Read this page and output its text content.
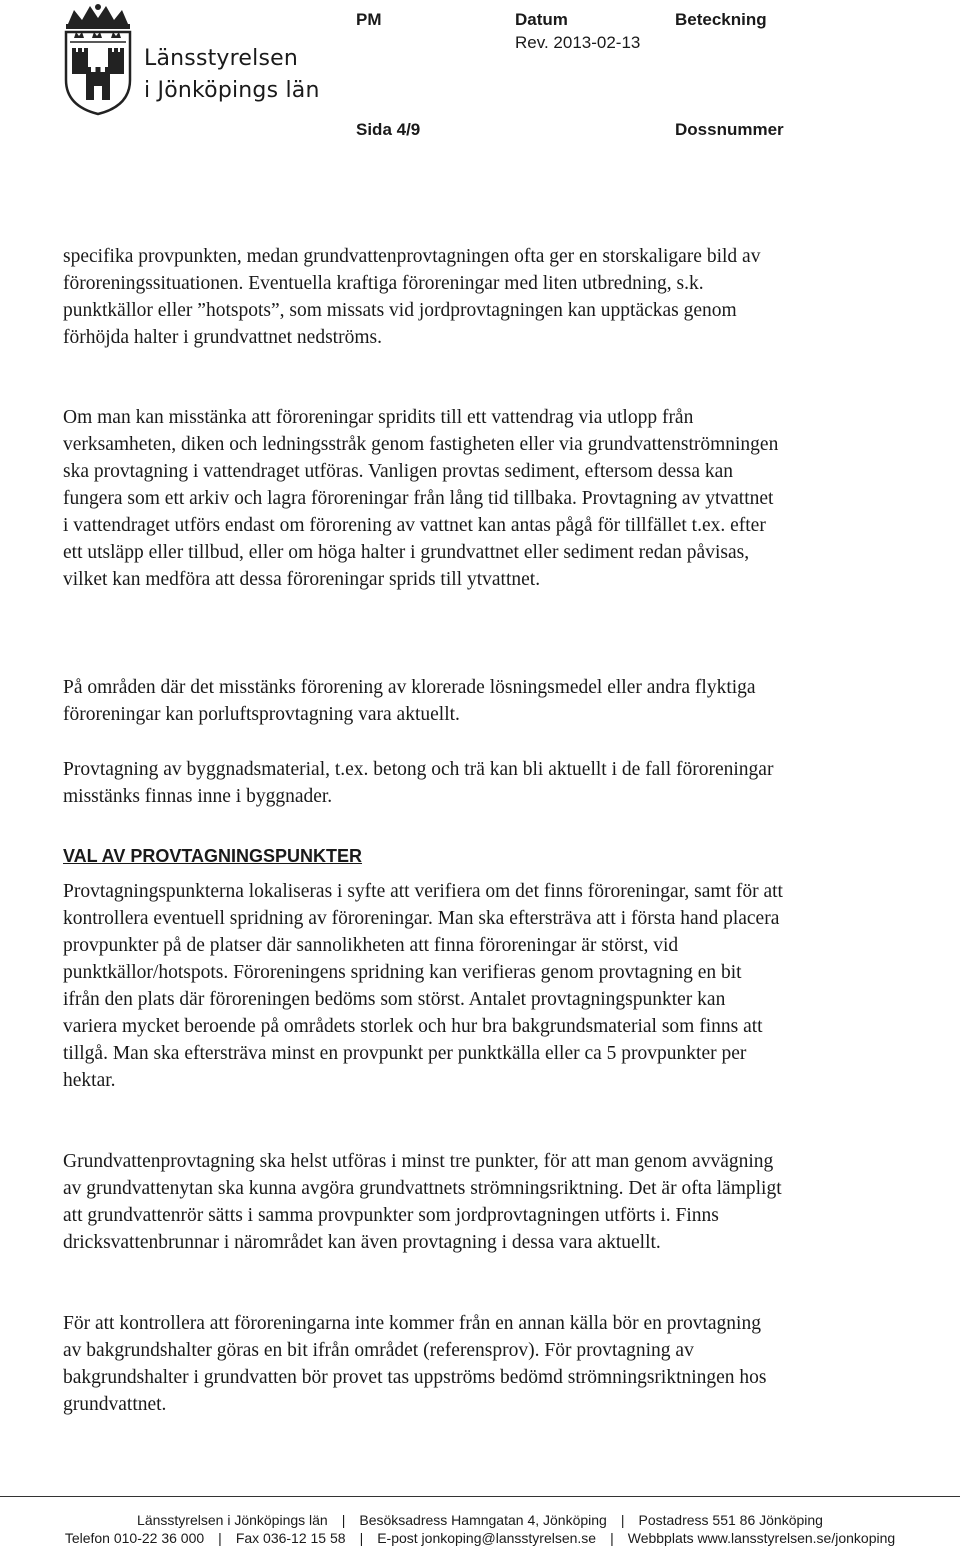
Länsstyrelsen
i Jönköpings län
PM	Datum
Rev. 2013-02-13
Beteckning
Sida 4/9	Dossnummer

specifika provpunkten, medan grundvattenprovtagningen ofta ger en storskaligare bild av föroreningssituationen. Eventuella kraftiga föroreningar med liten utbredning, s.k. punktkällor eller ”hotspots”, som missats vid jordprovtagningen kan upptäckas genom förhöjda halter i grundvattnet nedströms.

Om man kan misstänka att föroreningar spridits till ett vattendrag via utlopp från verksamheten, diken och ledningsstråk genom fastigheten eller via grundvattenströmningen ska provtagning i vattendraget utföras. Vanligen provtas sediment, eftersom dessa kan fungera som ett arkiv och lagra föroreningar från lång tid tillbaka. Provtagning av ytvattnet i vattendraget utförs endast om förorening av vattnet kan antas pågå för tillfället t.ex. efter ett utsläpp eller tillbud, eller om höga halter i grundvattnet eller sediment redan påvisas, vilket kan medföra att dessa föroreningar sprids till ytvattnet.

På områden där det misstänks förorening av klorerade lösningsmedel eller andra flyktiga föroreningar kan porluftsprovtagning vara aktuellt.

Provtagning av byggnadsmaterial, t.ex. betong och trä kan bli aktuellt i de fall föroreningar misstänks finnas inne i byggnader.

VAL AV PROVTAGNINGSPUNKTER

Provtagningspunkterna lokaliseras i syfte att verifiera om det finns föroreningar, samt för att kontrollera eventuell spridning av föroreningar. Man ska eftersträva att i första hand placera provpunkter på de platser där sannolikheten att finna föroreningar är störst, vid punktkällor/hotspots. Föroreningens spridning kan verifieras genom provtagning en bit ifrån den plats där föroreningen bedöms som störst. Antalet provtagningspunkter kan variera mycket beroende på områdets storlek och hur bra bakgrundsmaterial som finns att tillgå. Man ska eftersträva minst en provpunkt per punktkälla eller ca 5 provpunkter per hektar.

Grundvattenprovtagning ska helst utföras i minst tre punkter, för att man genom avvägning av grundvattenytan ska kunna avgöra grundvattnets strömningsriktning. Det är ofta lämpligt att grundvattenrör sätts i samma provpunkter som jordprovtagningen utförts i. Finns dricksvattenbrunnar i närområdet kan även provtagning i dessa vara aktuellt.

För att kontrollera att föroreningarna inte kommer från en annan källa bör en provtagning av bakgrundshalter göras en bit ifrån området (referensprov). För provtagning av bakgrundshalter i grundvatten bör provet tas uppströms bedömd strömningsriktningen hos grundvattnet.

Länsstyrelsen i Jönköpings län | Besöksadress Hamngatan 4, Jönköping | Postadress 551 86 Jönköping
Telefon 010-22 36 000 | Fax 036-12 15 58 | E-post jonkoping@lansstyrelsen.se | Webbplats www.lansstyrelsen.se/jonkoping
